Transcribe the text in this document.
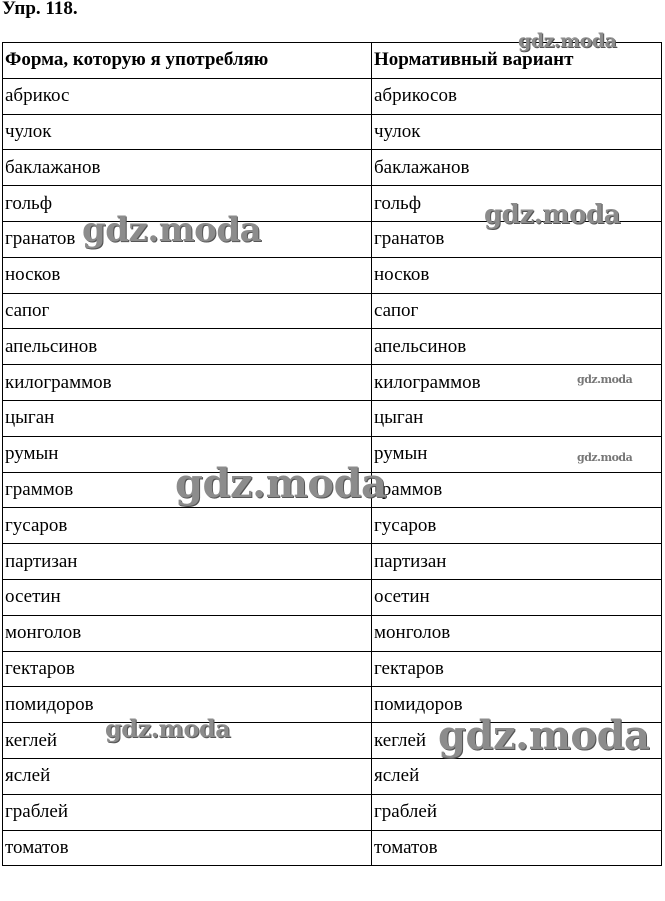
Упр. 118.
Форма, которую я употребляю	Нормативный вариант
абрикос	абрикосов
чулок	чулок
баклажанов	баклажанов
гольф	гольф
гранатов	гранатов
носков	носков
сапог	сапог
апельсинов	апельсинов
килограммов	килограммов
цыган	цыган
румын	румын
граммов	граммов
гусаров	гусаров
партизан	партизан
осетин	осетин
монголов	монголов
гектаров	гектаров
помидоров	помидоров
кеглей	кеглей
яслей	яслей
граблей	граблей
томатов	томатов
gdz.moda
gdz.moda
gdz.moda
gdz.moda
gdz.moda
gdz.moda
gdz.moda	gdz.moda
